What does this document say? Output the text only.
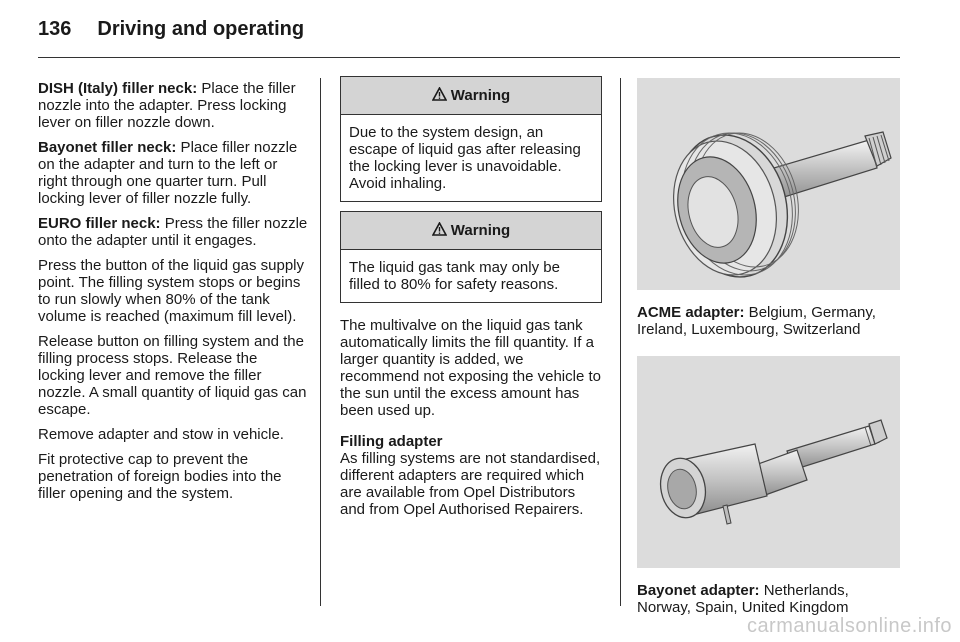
136 Driving and operating

DISH (Italy) filler neck: Place the filler nozzle into the adapter. Press locking lever on filler nozzle down.

Bayonet filler neck: Place filler nozzle on the adapter and turn to the left or right through one quarter turn. Pull locking lever of filler nozzle fully.

EURO filler neck: Press the filler nozzle onto the adapter until it engages.

Press the button of the liquid gas supply point. The filling system stops or begins to run slowly when 80% of the tank volume is reached (maximum fill level).

Release button on filling system and the filling process stops. Release the locking lever and remove the filler nozzle. A small quantity of liquid gas can escape.

Remove adapter and stow in vehicle.

Fit protective cap to prevent the penetration of foreign bodies into the filler opening and the system.

Warning
Due to the system design, an escape of liquid gas after releasing the locking lever is unavoidable. Avoid inhaling.
Warning
The liquid gas tank may only be filled to 80% for safety reasons.

The multivalve on the liquid gas tank automatically limits the fill quantity. If a larger quantity is added, we recommend not exposing the vehicle to the sun until the excess amount has been used up.

Filling adapter

As filling systems are not standardised, different adapters are required which are available from Opel Distributors and from Opel Authorised Repairers.

ACME adapter: Belgium, Germany, Ireland, Luxembourg, Switzerland

Bayonet adapter: Netherlands, Norway, Spain, United Kingdom

carmanualsonline.info
